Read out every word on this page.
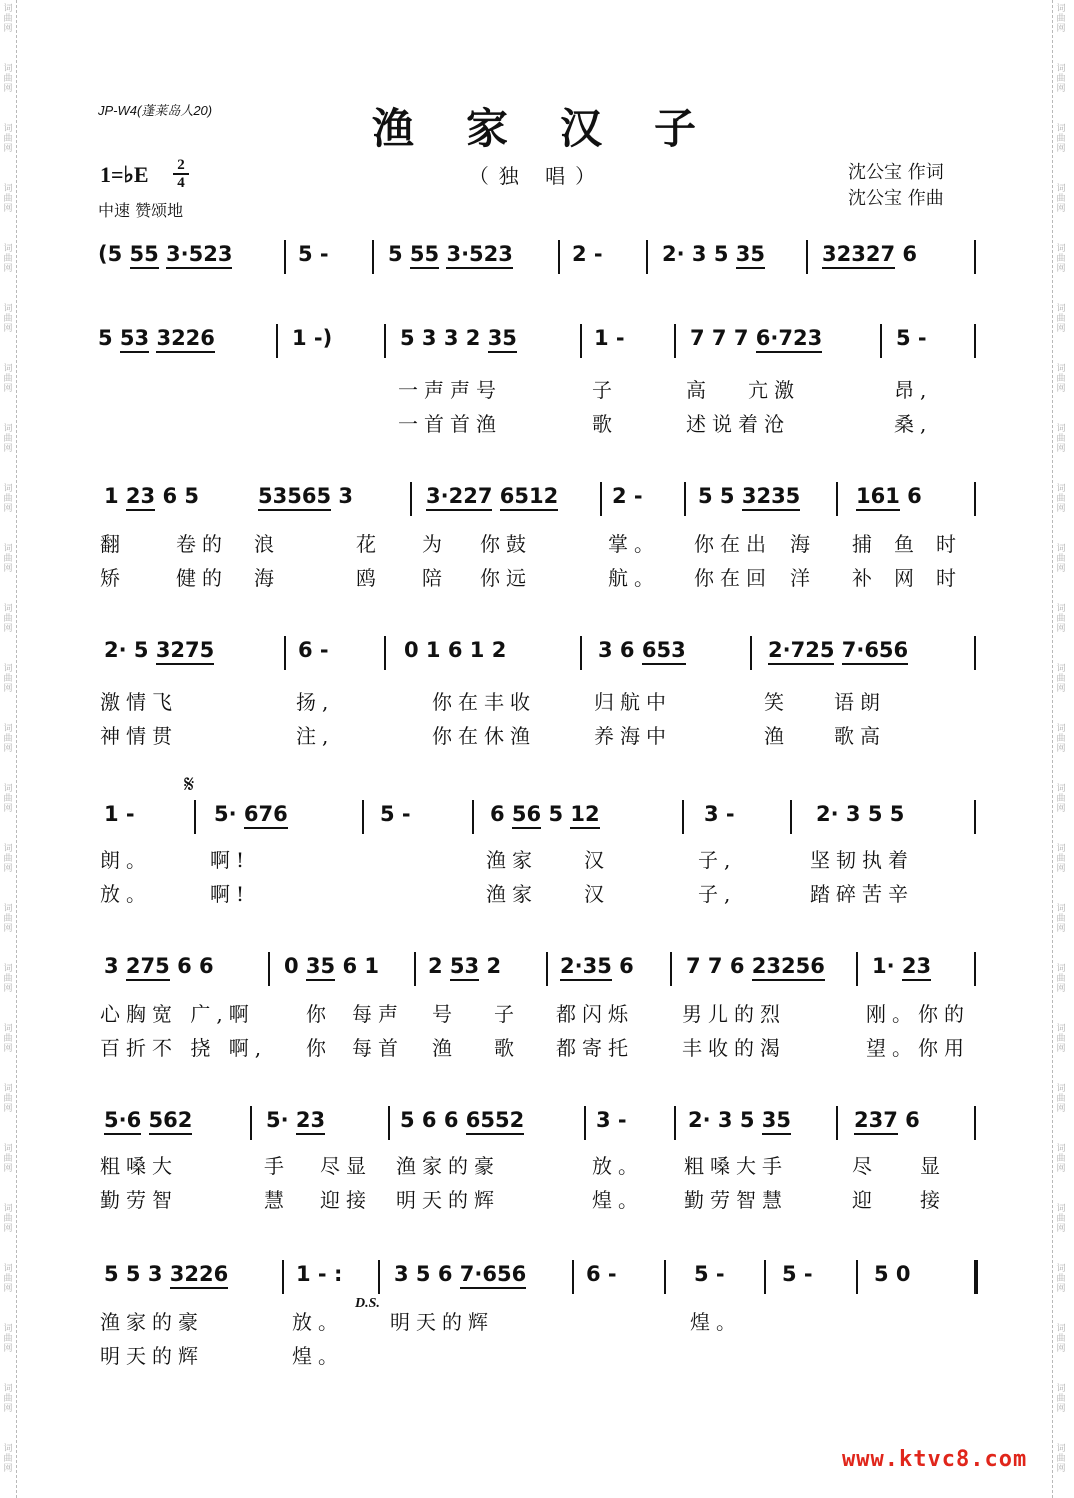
词
曲
网
词
曲
网
词
曲
网
词
曲
网
词
曲
网
词
曲
网
词
曲
网
词
曲
网
词
曲
网
词
曲
网
词
曲
网
词
曲
网
词
曲
网
词
曲
网
词
曲
网
词
曲
网
词
曲
网
词
曲
网
词
曲
网
词
曲
网
词
曲
网
词
曲
网
词
曲
网
词
曲
网
词
曲
网
词
曲
网
词
曲
网
词
曲
网
词
曲
网
词
曲
网
词
曲
网
词
曲
网
词
曲
网
词
曲
网
词
曲
网
词
曲
网
词
曲
网
词
曲
网
词
曲
网
词
曲
网
词
曲
网
词
曲
网
词
曲
网
词
曲
网
词
曲
网
词
曲
网
词
曲
网
词
曲
网
词
曲
网
词
曲
网
JP-W4(蓬莱岛人20)	渔家汉子
（独 唱）
1=♭E	2
4
中速 赞颂地
沈公宝 作词
沈公宝 作曲
𝄋
D.S.
www.ktvc8.com
(5 55 3·523	5 -	5 55 3·523	2 -	2· 3 5 35	32327 6
5 53 3226	1 -)	5 3 3 2 35	1 -	7 7 7 6·723	5 -
一声声号	子	高 亢激	昂,
一首首渔	歌	述说着沧	桑,
1 23 6 5	53565 3	3·227 6512	2 -	5 5 3235	161 6
翻	卷的 浪	花 为 你鼓	掌。 你在出 海 捕 鱼 时
矫	健的 海	鸥 陪 你远	航。 你在回 洋 补 网 时
2· 5 3275	6 -	0 1 6 1 2	3 6 653	2·725 7·656
激情飞	扬,	你在丰收	归航中	笑 语朗
神情贯	注,	你在休渔	养海中	渔 歌高
1 -	5· 676	5 -	6 56 5 12	3 -	2· 3 5 5
朗。	啊!	渔家 汉	子,	坚韧执着
放。	啊!	渔家 汉	子,	踏碎苦辛
3 275 6 6	0 35 6 1 2 53 2	2·35 6 7 7 6 23256 1· 23
心胸宽 广,啊	你 每声 号 子 都闪烁 男儿的烈	刚。你的
百折不 挠 啊, 你 每首 渔 歌 都寄托 丰收的渴	望。你用
5·6 562	5· 23	5 6 6 6552	3 -	2· 3 5 35	237 6
粗嗓大	手 尽显 渔家的豪	放。 粗嗓大手	尽 显
勤劳智	慧 迎接 明天的辉	煌。 勤劳智慧	迎 接
5 5 3 3226	1 - : 3 5 6 7·656	6 -	5 -	5 -	5 0
渔家的豪	放。 明天的辉	煌。
明天的辉	煌。
